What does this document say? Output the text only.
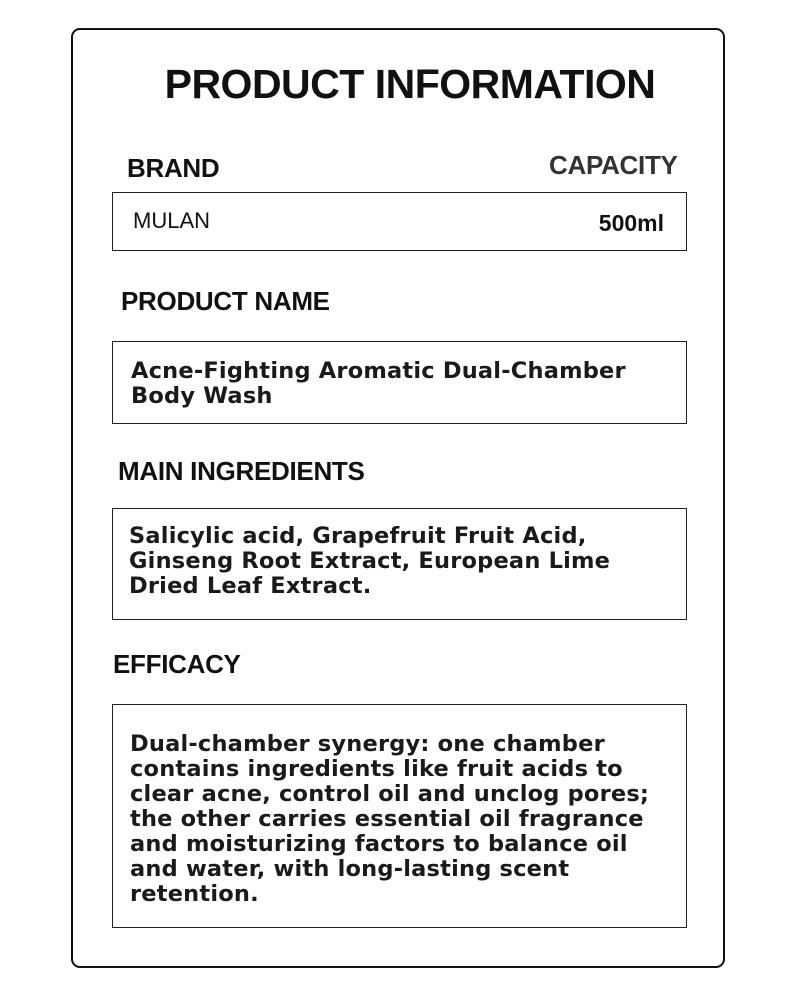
PRODUCT INFORMATION
BRAND	CAPACITY
MULAN	500ml
PRODUCT NAME
Acne-Fighting Aromatic Dual-Chamber Body Wash
MAIN INGREDIENTS
Salicylic acid, Grapefruit Fruit Acid, Ginseng Root Extract, European Lime Dried Leaf Extract.
EFFICACY
Dual-chamber synergy: one chamber contains ingredients like fruit acids to clear acne, control oil and unclog pores; the other carries essential oil fragrance and moisturizing factors to balance oil and water, with long-lasting scent retention.
